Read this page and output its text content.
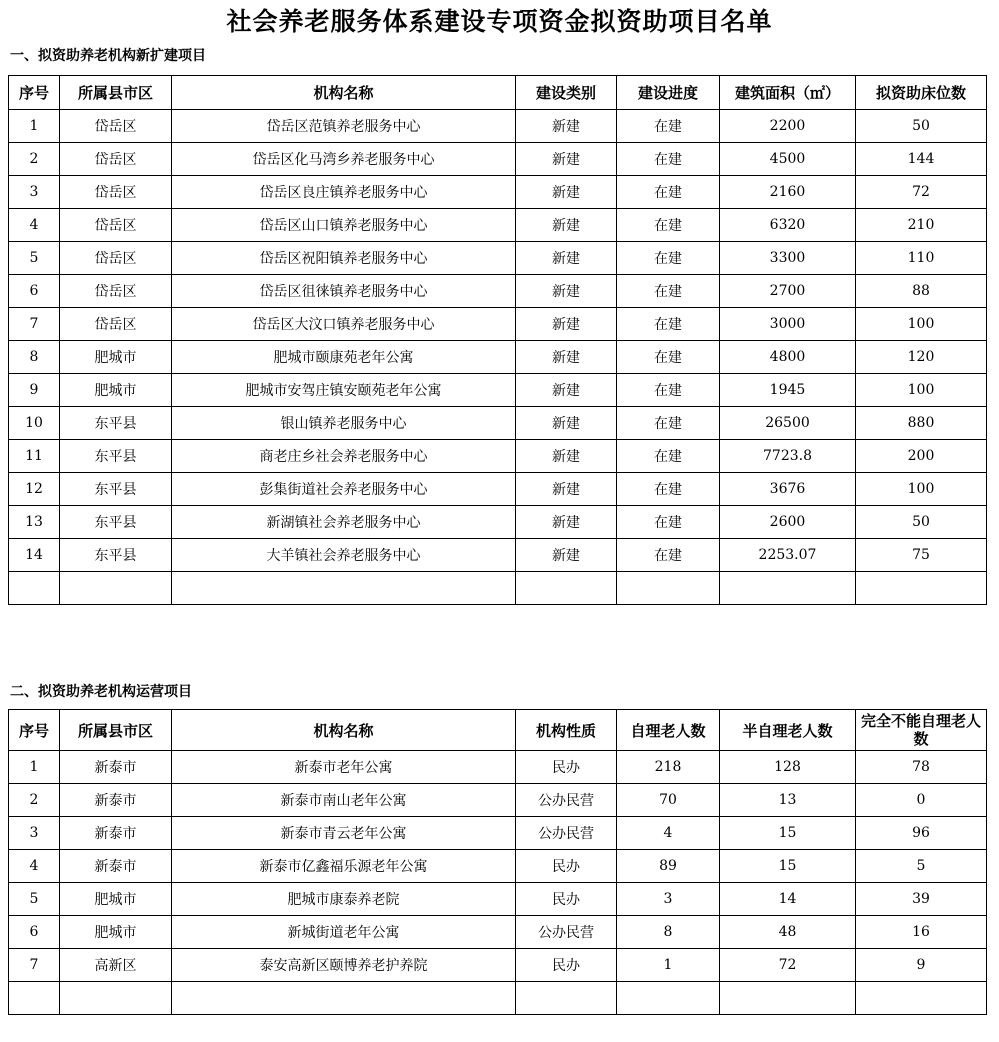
社会养老服务体系建设专项资金拟资助项目名单
一、拟资助养老机构新扩建项目
序号	所属县市区	机构名称	建设类别	建设进度	建筑面积（㎡）	拟资助床位数
1	岱岳区	岱岳区范镇养老服务中心	新建	在建	2200	50
2	岱岳区	岱岳区化马湾乡养老服务中心	新建	在建	4500	144
3	岱岳区	岱岳区良庄镇养老服务中心	新建	在建	2160	72
4	岱岳区	岱岳区山口镇养老服务中心	新建	在建	6320	210
5	岱岳区	岱岳区祝阳镇养老服务中心	新建	在建	3300	110
6	岱岳区	岱岳区徂徕镇养老服务中心	新建	在建	2700	88
7	岱岳区	岱岳区大汶口镇养老服务中心	新建	在建	3000	100
8	肥城市	肥城市颐康苑老年公寓	新建	在建	4800	120
9	肥城市	肥城市安驾庄镇安颐苑老年公寓	新建	在建	1945	100
10	东平县	银山镇养老服务中心	新建	在建	26500	880
11	东平县	商老庄乡社会养老服务中心	新建	在建	7723.8	200
12	东平县	彭集街道社会养老服务中心	新建	在建	3676	100
13	东平县	新湖镇社会养老服务中心	新建	在建	2600	50
14	东平县	大羊镇社会养老服务中心	新建	在建	2253.07	75

二、拟资助养老机构运营项目
序号	所属县市区	机构名称	机构性质	自理老人数	半自理老人数	完全不能自理老人数
1	新泰市	新泰市老年公寓	民办	218	128	78
2	新泰市	新泰市南山老年公寓	公办民营	70	13	0
3	新泰市	新泰市青云老年公寓	公办民营	4	15	96
4	新泰市	新泰市亿鑫福乐源老年公寓	民办	89	15	5
5	肥城市	肥城市康泰养老院	民办	3	14	39
6	肥城市	新城街道老年公寓	公办民营	8	48	16
7	高新区	泰安高新区颐博养老护养院	民办	1	72	9
